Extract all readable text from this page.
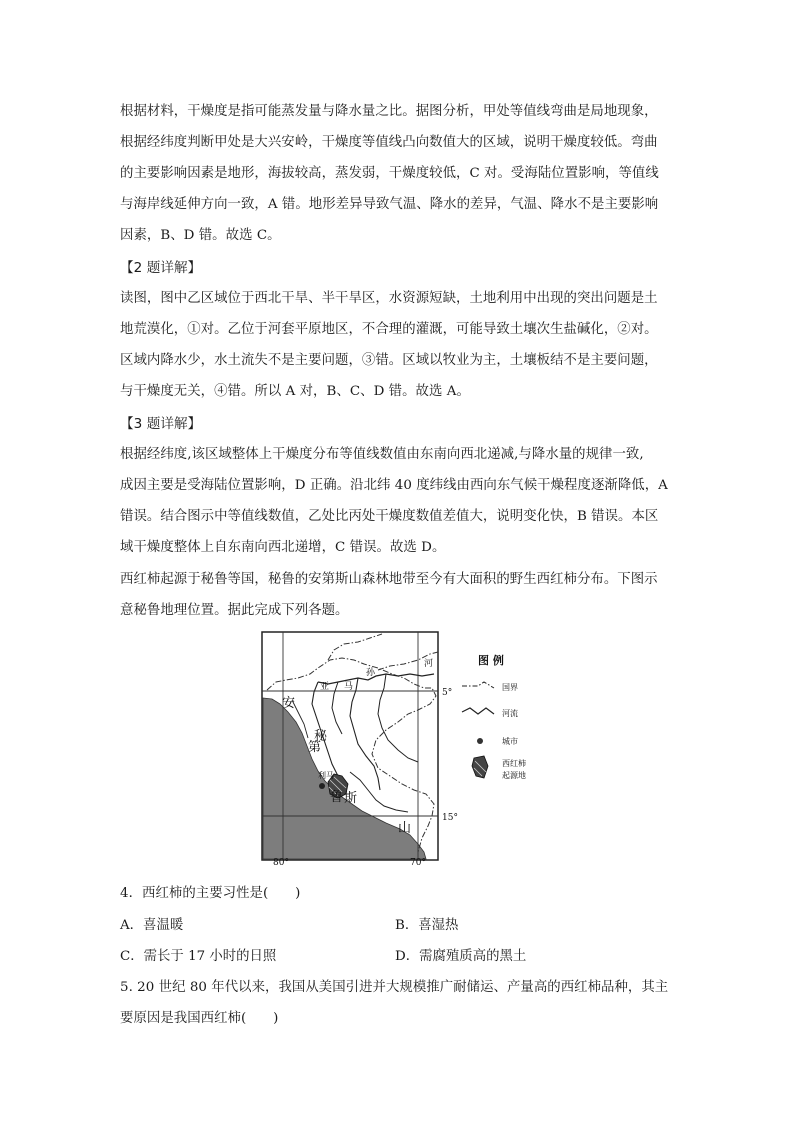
根据材料，干燥度是指可能蒸发量与降水量之比。据图分析，甲处等值线弯曲是局地现象，
根据经纬度判断甲处是大兴安岭，干燥度等值线凸向数值大的区域，说明干燥度较低。弯曲
的主要影响因素是地形，海拔较高，蒸发弱，干燥度较低，C 对。受海陆位置影响，等值线
与海岸线延伸方向一致，A 错。地形差异导致气温、降水的差异，气温、降水不是主要影响
因素，B、D 错。故选 C。
【2 题详解】
读图，图中乙区域位于西北干旱、半干旱区，水资源短缺，土地利用中出现的突出问题是土
地荒漠化，①对。乙位于河套平原地区，不合理的灌溉，可能导致土壤次生盐碱化，②对。
区域内降水少，水土流失不是主要问题，③错。区域以牧业为主，土壤板结不是主要问题，
与干燥度无关，④错。所以 A 对，B、C、D 错。故选 A。
【3 题详解】
根据经纬度,该区域整体上干燥度分布等值线数值由东南向西北递减,与降水量的规律一致,
成因主要是受海陆位置影响，D 正确。沿北纬 40 度纬线由西向东气候干燥程度逐渐降低，A
错误。结合图示中等值线数值，乙处比丙处干燥度数值差值大，说明变化快，B 错误。本区
域干燥度整体上自东南向西北递增，C 错误。故选 D。
西红柿起源于秘鲁等国，秘鲁的安第斯山森林地带至今有大面积的野生西红柿分布。下图示
意秘鲁地理位置。据此完成下列各题。
安
第
斯
山
秘
鲁
利马
亚 马
孙
河
5°
15°
80°	70°
图 例
国界
河流
城市
西红柿
起源地
4．西红柿的主要习性是(　　)
A．喜温暖	B．喜湿热
C．需长于 17 小时的日照	D．需腐殖质高的黑土
5. 20 世纪 80 年代以来，我国从美国引进并大规模推广耐储运、产量高的西红柿品种，其主
要原因是我国西红柿(　　)
